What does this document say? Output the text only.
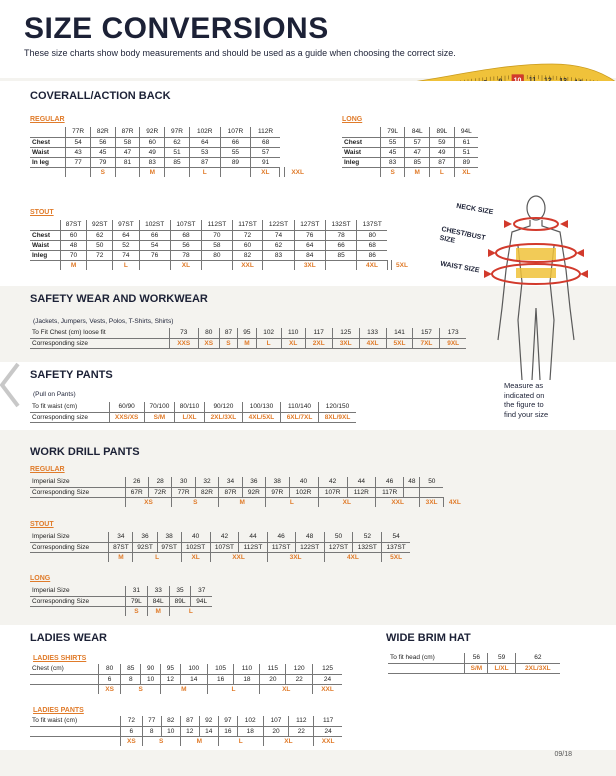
SIZE CONVERSIONS
These size charts show body measurements and should be used as a guide when choosing the correct size.
COVERALL/ACTION BACK
REGULAR
	77R	82R	87R	92R	97R	102R	107R	112R		
Chest	54	56	58	60	62	64	66	68		
Waist	43	45	47	49	51	53	55	57		
In leg	77	79	81	83	85	87	89	91		
		S		M		L		XL		XXL
LONG
	79L	84L	89L	94L
Chest	55	57	59	61
Waist	45	47	49	51
Inleg	83	85	87	89
	S	M	L	XL
STOUT
	87ST	92ST	97ST	102ST	107ST	112ST	117ST	122ST	127ST	132ST	137ST		
Chest	60	62	64	66	68	70	72	74	76	78	80		
Waist	48	50	52	54	56	58	60	62	64	66	68		
Inleg	70	72	74	76	78	80	82	83	84	85	86		
	M		L		XL		XXL		3XL		4XL		5XL
SAFETY WEAR AND WORKWEAR
(Jackets, Jumpers, Vests, Polos, T-Shirts, Shirts)
To Fit Chest (cm) loose fit	73	80	87	95	102	110	117	125	133	141	157	173
Corresponding size	XXS	XS	S	M	L	XL	2XL	3XL	4XL	5XL	7XL	9XL
SAFETY PANTS
(Pull on Pants)
To fit waist (cm)	60/90	70/100	80/110	90/120	100/130	110/140	120/150
Corresponding size	XXS/XS	S/M	L/XL	2XL/3XL	4XL/5XL	6XL/7XL	8XL/9XL
WORK DRILL PANTS
REGULAR
Imperial Size	26	28	30	32	34	36	38	40	42	44	46	48	50	
Corresponding Size	67R	72R	77R	82R	87R	92R	97R	102R	107R	112R	117R			
	XS		S		M		L		XL		XXL		3XL	4XL
STOUT
Imperial Size	34	36	38	40	42	44	46	48	50	52	54
Corresponding Size	87ST	92ST	97ST	102ST	107ST	112ST	117ST	122ST	127ST	132ST	137ST
	M	L		XL	XXL		3XL		4XL		5XL
LONG
Imperial Size	31	33	35	37
Corresponding Size	79L	84L	89L	94L
	S	M	L	
LADIES WEAR
LADIES SHIRTS
Chest (cm)	80	85	90	95	100	105	110	115	120	125
	6	8	10	12	14	16	18	20	22	24
	XS	S		M		L		XL		XXL
LADIES PANTS
To fit waist (cm)	72	77	82	87	92	97	102	107	112	117
	6	8	10	12	14	16	18	20	22	24
	XS	S		M		L		XL		XXL
WIDE BRIM HAT
To fit head (cm)	56	59	62
	S/M	L/XL	2XL/3XL
NECK SIZE
CHEST/BUST SIZE
WAIST SIZE
Measure as
indicated on
the figure to
find your size
09/18
